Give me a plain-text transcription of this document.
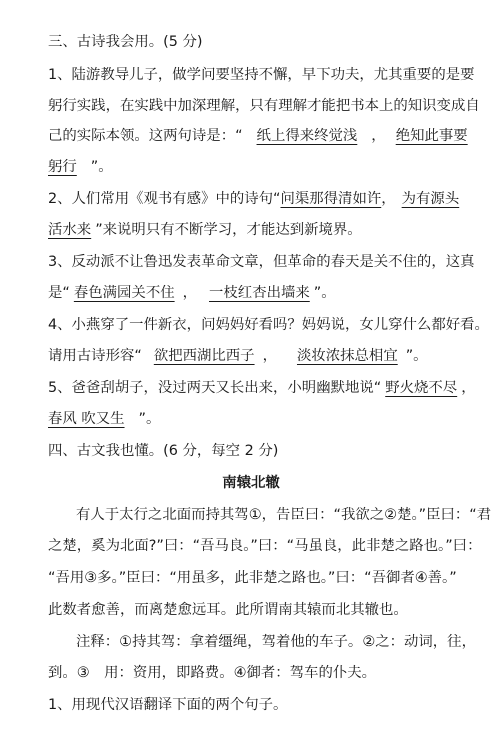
三、古诗我会用。(5 分)
1、陆游教导儿子，做学问要坚持不懈，早下功夫，尤其重要的是要
躬行实践，在实践中加深理解，只有理解才能把书本上的知识变成自
己的实际本领。这两句诗是：“ 纸上得来终觉浅 ， 绝知此事要
躬行 ”。
2、人们常用《观书有感》中的诗句“问渠那得清如许， 为有源头
活水来 ”来说明只有不断学习，才能达到新境界。
3、反动派不让鲁迅发表革命文章，但革命的春天是关不住的，这真
是“ 春色满园关不住 ， 一枝红杏出墙来 ”。
4、小燕穿了一件新衣，问妈妈好看吗？妈妈说，女儿穿什么都好看。
请用古诗形容“ 欲把西湖比西子 ， 淡妆浓抹总相宜 ”。
5、爸爸刮胡子，没过两天又长出来，小明幽默地说“ 野火烧不尽 ，
春风 吹又生 ”。
四、古文我也懂。(6 分，每空 2 分)
南辕北辙
有人于太行之北面而持其驾①，告臣曰：“我欲之②楚。”臣曰：“君
之楚，奚为北面?”曰：“吾马良。”曰：“马虽良，此非楚之路也。”曰：
“吾用③多。”臣曰：“用虽多，此非楚之路也。”曰：“吾御者④善。”
此数者愈善，而离楚愈远耳。此所谓南其辕而北其辙也。
注释：①持其驾：拿着缰绳，驾着他的车子。②之：动词，往，
到。③　用：资用，即路费。④御者：驾车的仆夫。
1、用现代汉语翻译下面的两个句子。
